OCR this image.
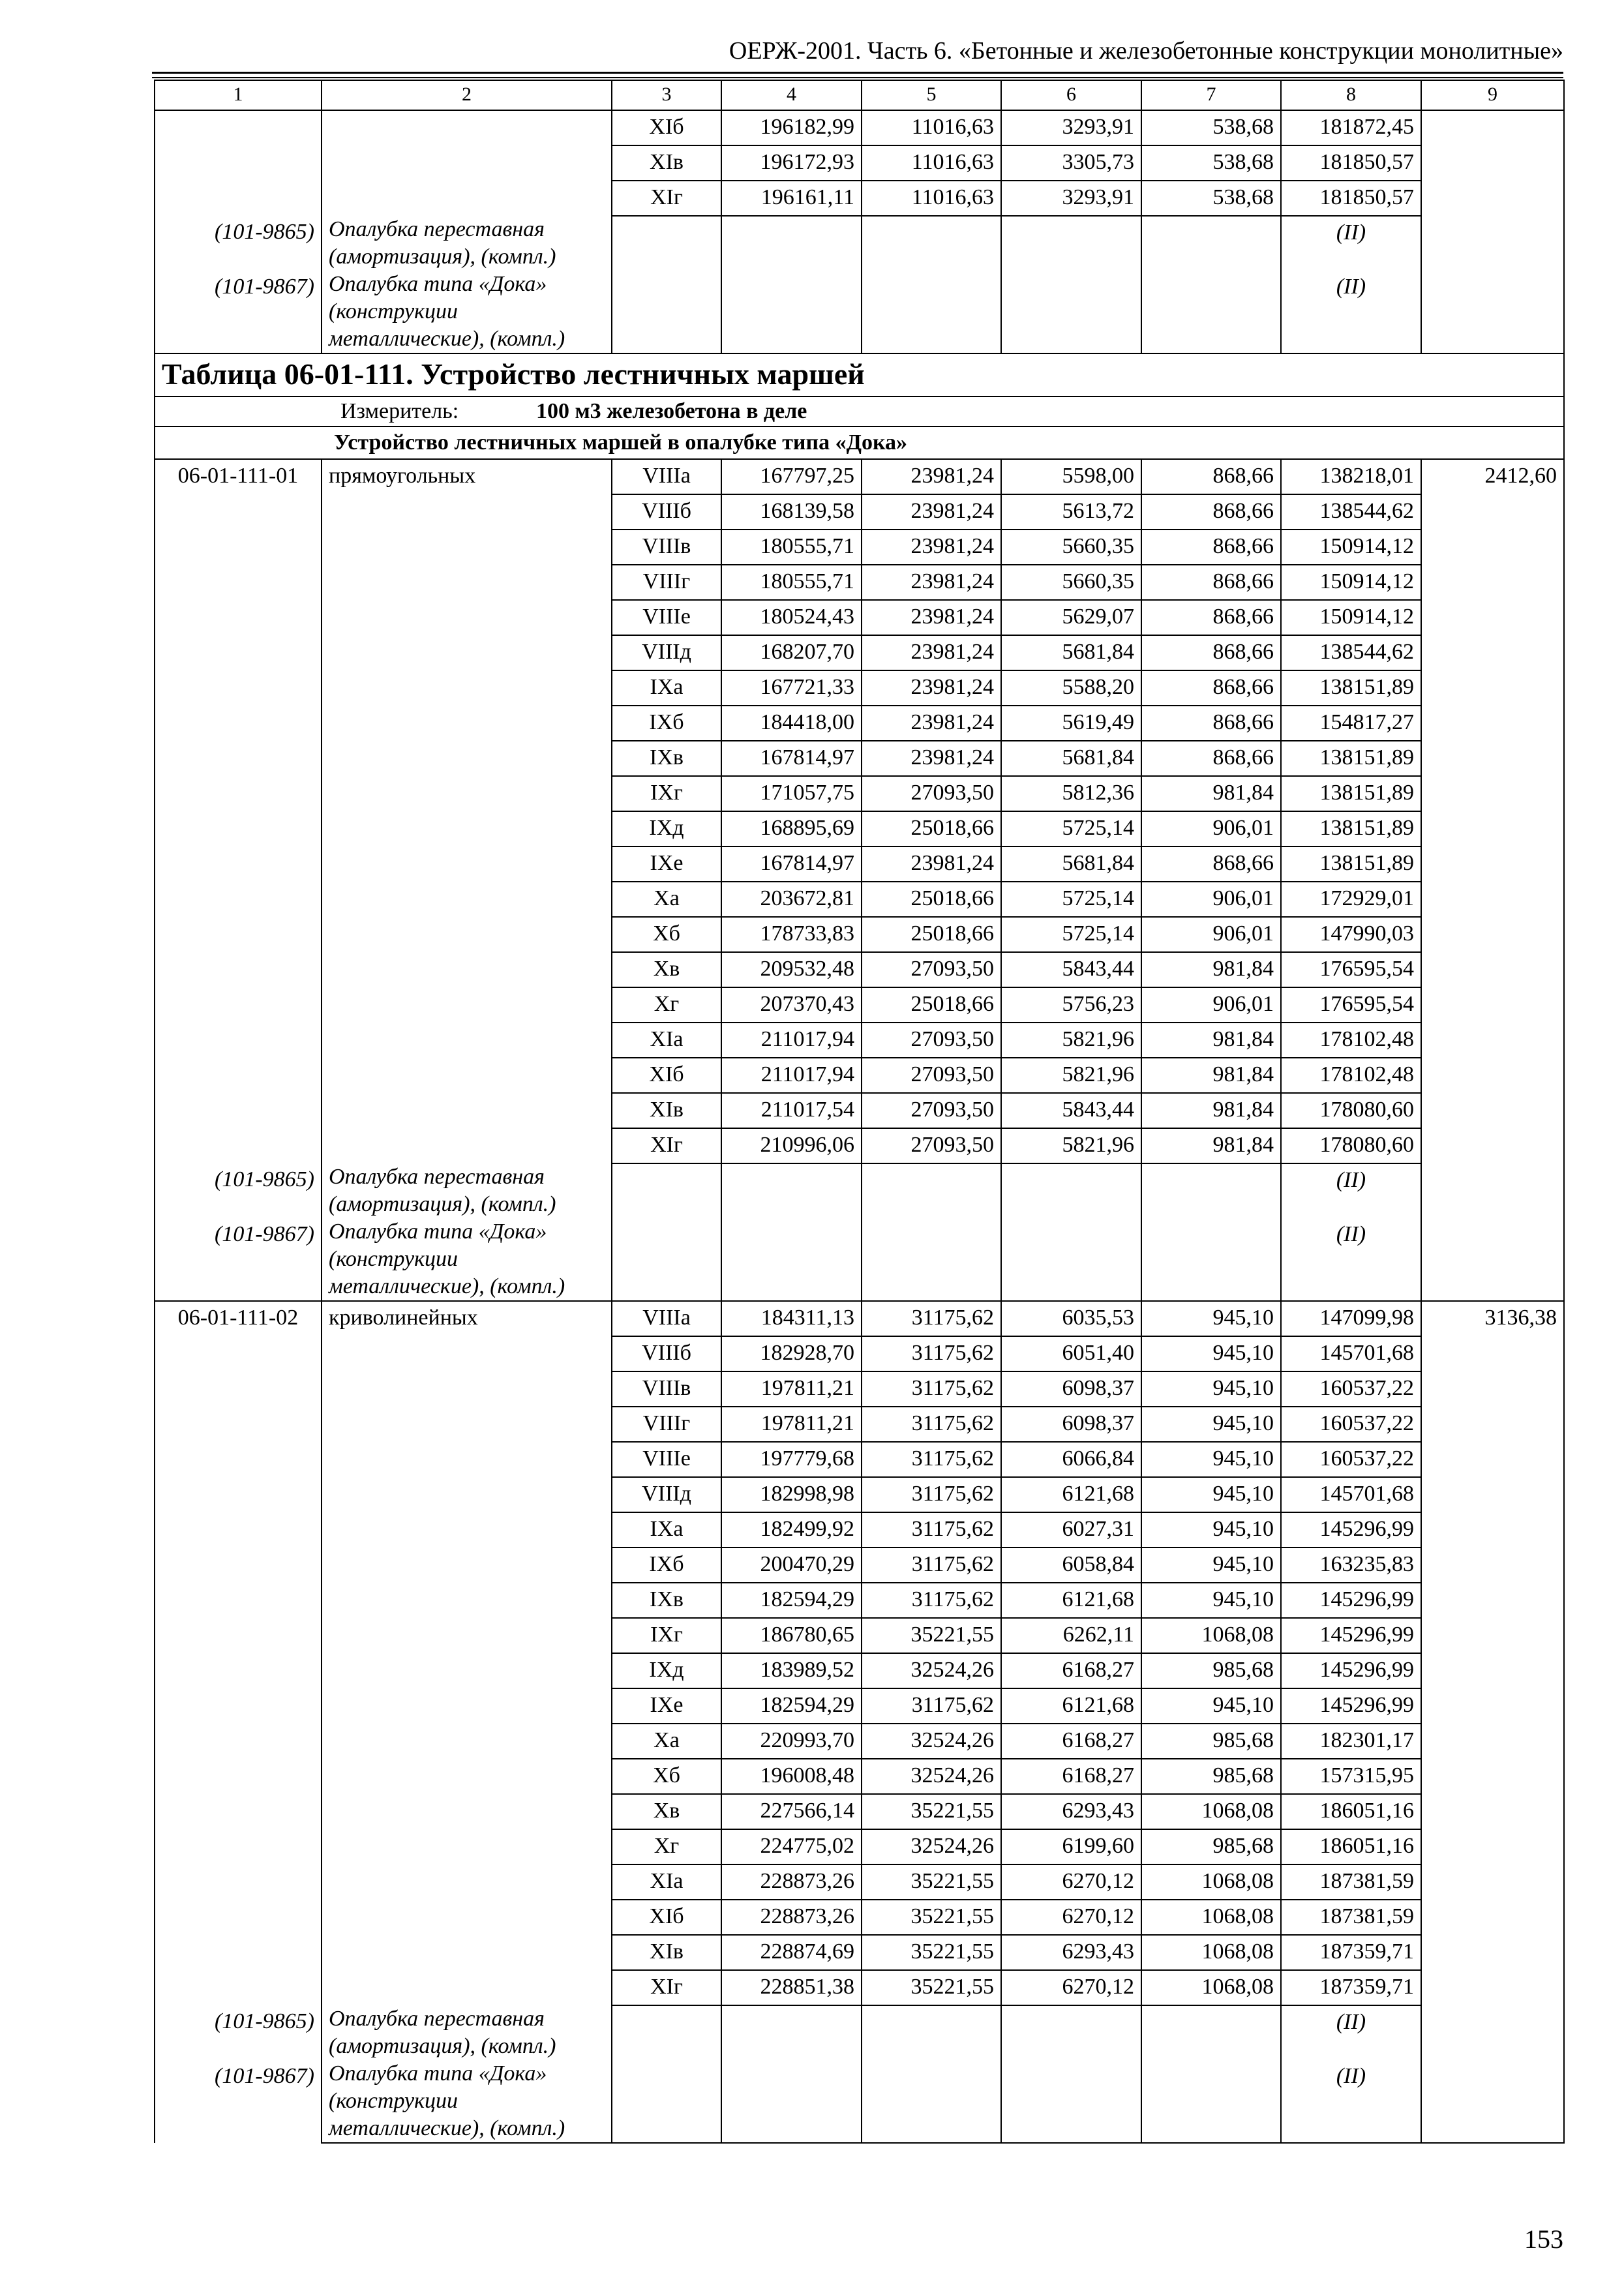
ОЕРЖ-2001. Часть 6. «Бетонные и железобетонные конструкции монолитные»
1	2	3	4	5	6	7	8	9
		XIб	196182,99	11016,63	3293,91	538,68	181872,45	
		XIв	196172,93	11016,63	3305,73	538,68	181850,57	
		XIг	196161,11	11016,63	3293,91	538,68	181850,57	
(101-9865)	Опалубка переставная (амортизация), (компл.)						(II)	
(101-9867)	Опалубка типа «Дока» (конструкции металлические), (компл.)						(II)	
Таблица 06-01-111. Устройство лестничных маршей								
Измеритель: 100 м3 железобетона в деле								
Устройство лестничных маршей в опалубке типа «Дока»								
06-01-111-01	прямоугольных	VIIIа	167797,25	23981,24	5598,00	868,66	138218,01	2412,60
		VIIIб	168139,58	23981,24	5613,72	868,66	138544,62	
		VIIIв	180555,71	23981,24	5660,35	868,66	150914,12	
		VIIIг	180555,71	23981,24	5660,35	868,66	150914,12	
		VIIIе	180524,43	23981,24	5629,07	868,66	150914,12	
		VIIIд	168207,70	23981,24	5681,84	868,66	138544,62	
		IXа	167721,33	23981,24	5588,20	868,66	138151,89	
		IXб	184418,00	23981,24	5619,49	868,66	154817,27	
		IXв	167814,97	23981,24	5681,84	868,66	138151,89	
		IXг	171057,75	27093,50	5812,36	981,84	138151,89	
		IXд	168895,69	25018,66	5725,14	906,01	138151,89	
		IXе	167814,97	23981,24	5681,84	868,66	138151,89	
		Xа	203672,81	25018,66	5725,14	906,01	172929,01	
		Xб	178733,83	25018,66	5725,14	906,01	147990,03	
		Xв	209532,48	27093,50	5843,44	981,84	176595,54	
		Xг	207370,43	25018,66	5756,23	906,01	176595,54	
		XIа	211017,94	27093,50	5821,96	981,84	178102,48	
		XIб	211017,94	27093,50	5821,96	981,84	178102,48	
		XIв	211017,54	27093,50	5843,44	981,84	178080,60	
		XIг	210996,06	27093,50	5821,96	981,84	178080,60	
(101-9865)	Опалубка переставная (амортизация), (компл.)						(II)	
(101-9867)	Опалубка типа «Дока» (конструкции металлические), (компл.)						(II)	
06-01-111-02	криволинейных	VIIIа	184311,13	31175,62	6035,53	945,10	147099,98	3136,38
		VIIIб	182928,70	31175,62	6051,40	945,10	145701,68	
		VIIIв	197811,21	31175,62	6098,37	945,10	160537,22	
		VIIIг	197811,21	31175,62	6098,37	945,10	160537,22	
		VIIIе	197779,68	31175,62	6066,84	945,10	160537,22	
		VIIIд	182998,98	31175,62	6121,68	945,10	145701,68	
		IXа	182499,92	31175,62	6027,31	945,10	145296,99	
		IXб	200470,29	31175,62	6058,84	945,10	163235,83	
		IXв	182594,29	31175,62	6121,68	945,10	145296,99	
		IXг	186780,65	35221,55	6262,11	1068,08	145296,99	
		IXд	183989,52	32524,26	6168,27	985,68	145296,99	
		IXе	182594,29	31175,62	6121,68	945,10	145296,99	
		Xа	220993,70	32524,26	6168,27	985,68	182301,17	
		Xб	196008,48	32524,26	6168,27	985,68	157315,95	
		Xв	227566,14	35221,55	6293,43	1068,08	186051,16	
		Xг	224775,02	32524,26	6199,60	985,68	186051,16	
		XIа	228873,26	35221,55	6270,12	1068,08	187381,59	
		XIб	228873,26	35221,55	6270,12	1068,08	187381,59	
		XIв	228874,69	35221,55	6293,43	1068,08	187359,71	
		XIг	228851,38	35221,55	6270,12	1068,08	187359,71	
(101-9865)	Опалубка переставная (амортизация), (компл.)						(II)	
(101-9867)	Опалубка типа «Дока» (конструкции металлические), (компл.)						(II)	
153
